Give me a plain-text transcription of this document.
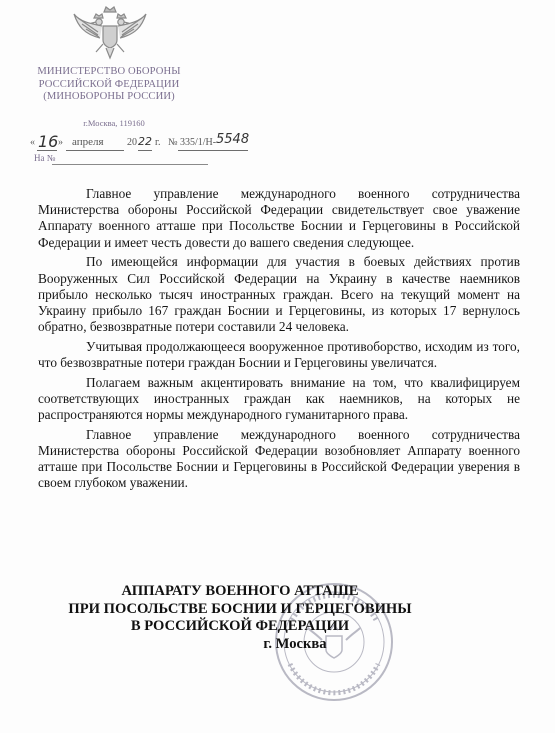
МИНИСТЕРСТВО ОБОРОНЫ
РОССИЙСКОЙ ФЕДЕРАЦИИ
(МИНОБОРОНЫ РОССИИ)
г.Москва, 119160
« 16 » апреля 20 22 г. № 335/1/Н- 5548
На №

Главное управление международного военного сотрудничества Министерства обороны Российской Федерации свидетельствует свое уважение Аппарату военного атташе при Посольстве Боснии и Герцеговины в Российской Федерации и имеет честь довести до вашего сведения следующее.

По имеющейся информации для участия в боевых действиях против Вооруженных Сил Российской Федерации на Украину в качестве наемников прибыло несколько тысяч иностранных граждан. Всего на текущий момент на Украину прибыло 167 граждан Боснии и Герцеговины, из которых 17 вернулось обратно, безвозвратные потери составили 24 человека.

Учитывая продолжающееся вооруженное противоборство, исходим из того, что безвозвратные потери граждан Боснии и Герцеговины увеличатся.

Полагаем важным акцентировать внимание на том, что квалифицируем соответствующих иностранных граждан как наемников, на которых не распространяются нормы международного гуманитарного права.

Главное управление международного военного сотрудничества Министерства обороны Российской Федерации возобновляет Аппарату военного атташе при Посольстве Боснии и Герцеговины в Российской Федерации уверения в своем глубоком уважении.

АППАРАТУ ВОЕННОГО АТТАШЕ
ПРИ ПОСОЛЬСТВЕ БОСНИИ И ГЕРЦЕГОВИНЫ
В РОССИЙСКОЙ ФЕДЕРАЦИИ
г. Москва
